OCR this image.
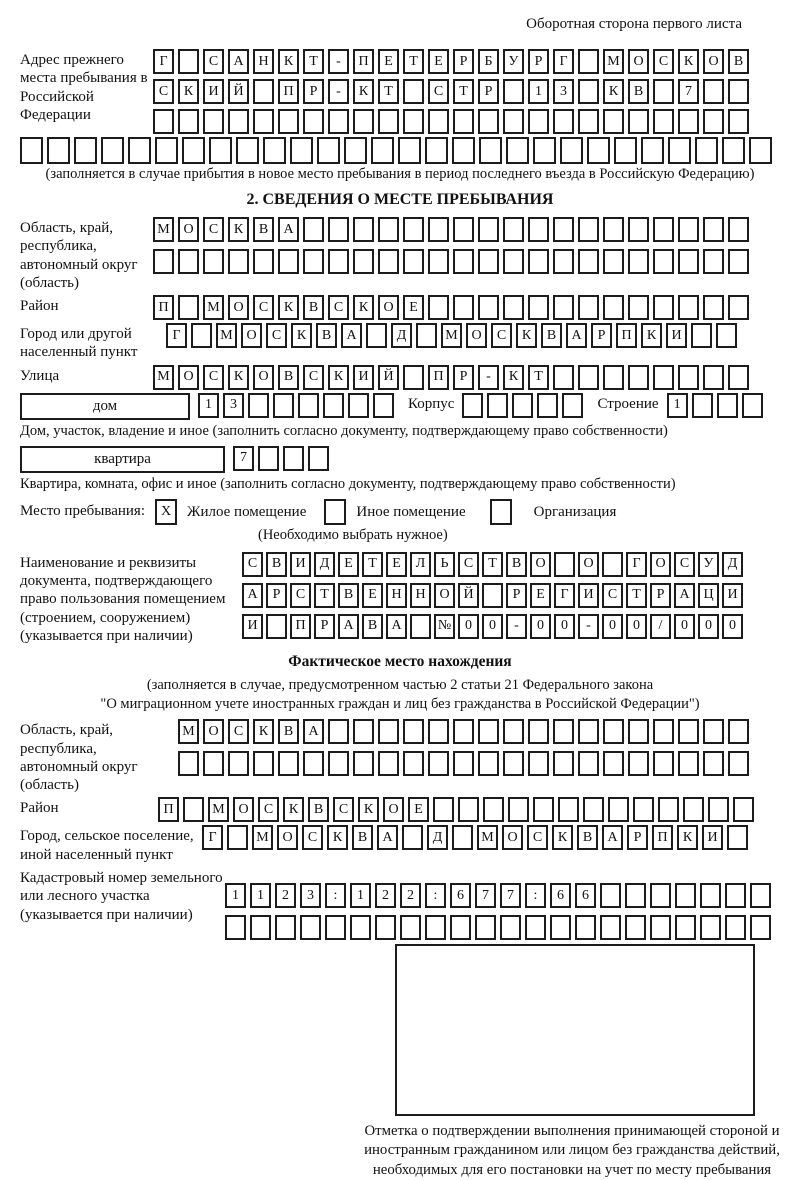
Оборотная сторона первого листа
Адрес прежнего места пребывания в Российской Федерации
Г	С	А	Н	К	Т	-	П	Е	Т	Е	Р	Б	У	Р	Г	М О	С	К	О	В
С	К	И	Й	П	Р	-	К	Т	С	Т	Р	1	3	К	В	7
(заполняется в случае прибытия в новое место пребывания в период последнего въезда в Российскую Федерацию)
2. СВЕДЕНИЯ О МЕСТЕ ПРЕБЫВАНИЯ
Область, край, республика, автономный округ (область)
М О	С	К	В	А
Район	П	М О	С	К	В	С	К	О	Е
Город или другой населенный пункт
Г	М О	С	К	В	А	Д	М О	С	К	В	А	Р	П	К	И
Улица	М О	С	К	О	В	С	К	И	Й	П	Р	-	К	Т
дом	1	3	Корпус	Строение	1
Дом, участок, владение и иное (заполнить согласно документу, подтверждающему право собственности)
квартира	7
Квартира, комната, офис и иное (заполнить согласно документу, подтверждающему право собственности)
Место пребывания:	X	Жилое помещение	Иное помещение	Организация
(Необходимо выбрать нужное)
Наименование и реквизиты документа, подтверждающего право пользования помещением (строением, сооружением) (указывается при наличии)
С	В	И	Д	Е	Т	Е	Л	Ь	С	Т	В	О	О	Г	О	С	У	Д
А	Р	С	Т	В	Е	Н Н О Й	Р	Е	Г	И	С	Т	Р	А Ц И
И	П	Р	А	В	А	№ 0	0	-	0	0	-	0	0	/	0	0	0
Фактическое место нахождения
(заполняется в случае, предусмотренном частью 2 статьи 21 Федерального закона
"О миграционном учете иностранных граждан и лиц без гражданства в Российской Федерации")
Область, край, республика, автономный округ (область)
М О	С	К	В	А
Район	П	М О	С	К	В	С	К	О	Е
Город, сельское поселение, иной населенный пункт
Г	М О	С	К	В	А	Д	М О	С	К	В	А	Р	П	К	И
Кадастровый номер земельного или лесного участка (указывается при наличии)
1	1	2	3	:	1	2	2	:	6	7	7	:	6	6
Отметка о подтверждении выполнения принимающей стороной и иностранным гражданином или лицом без гражданства действий, необходимых для его постановки на учет по месту пребывания
